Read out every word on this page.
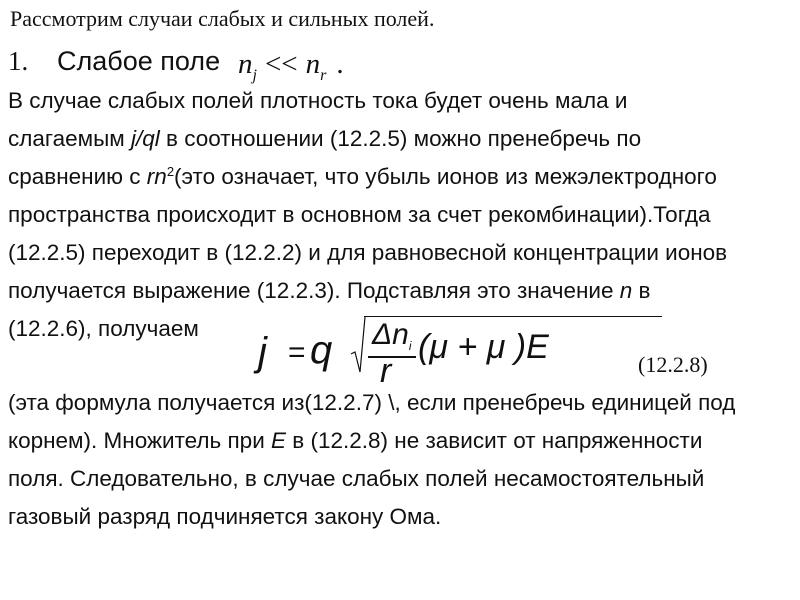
Рассмотрим случаи слабых и сильных полей.
1. Слабое поле $n_j << n_r$ .
В случае слабых полей плотность тока будет очень мала и
слагаемым j/ql в соотношении (12.2.5) можно пренебречь по
сравнению с $rn^2(это$ означает, что убыль ионов из межэлектродного
пространства происходит в основном за счет рекомбинации).Тогда
(12.2.5) переходит в (12.2.2) и для равновесной концентрации ионов
получается выражение (12.2.3). Подставляя это значение n в
(12.2.6), получаем
j = q $\Delta n_i$
r
(μ + μ )E	(12.2.8)
(эта формула получается из(12.2.7) \, если пренебречь единицей под
корнем). Множитель при E в (12.2.8) не зависит от напряженности
поля. Следовательно, в случае слабых полей несамостоятельный
газовый разряд подчиняется закону Ома.
